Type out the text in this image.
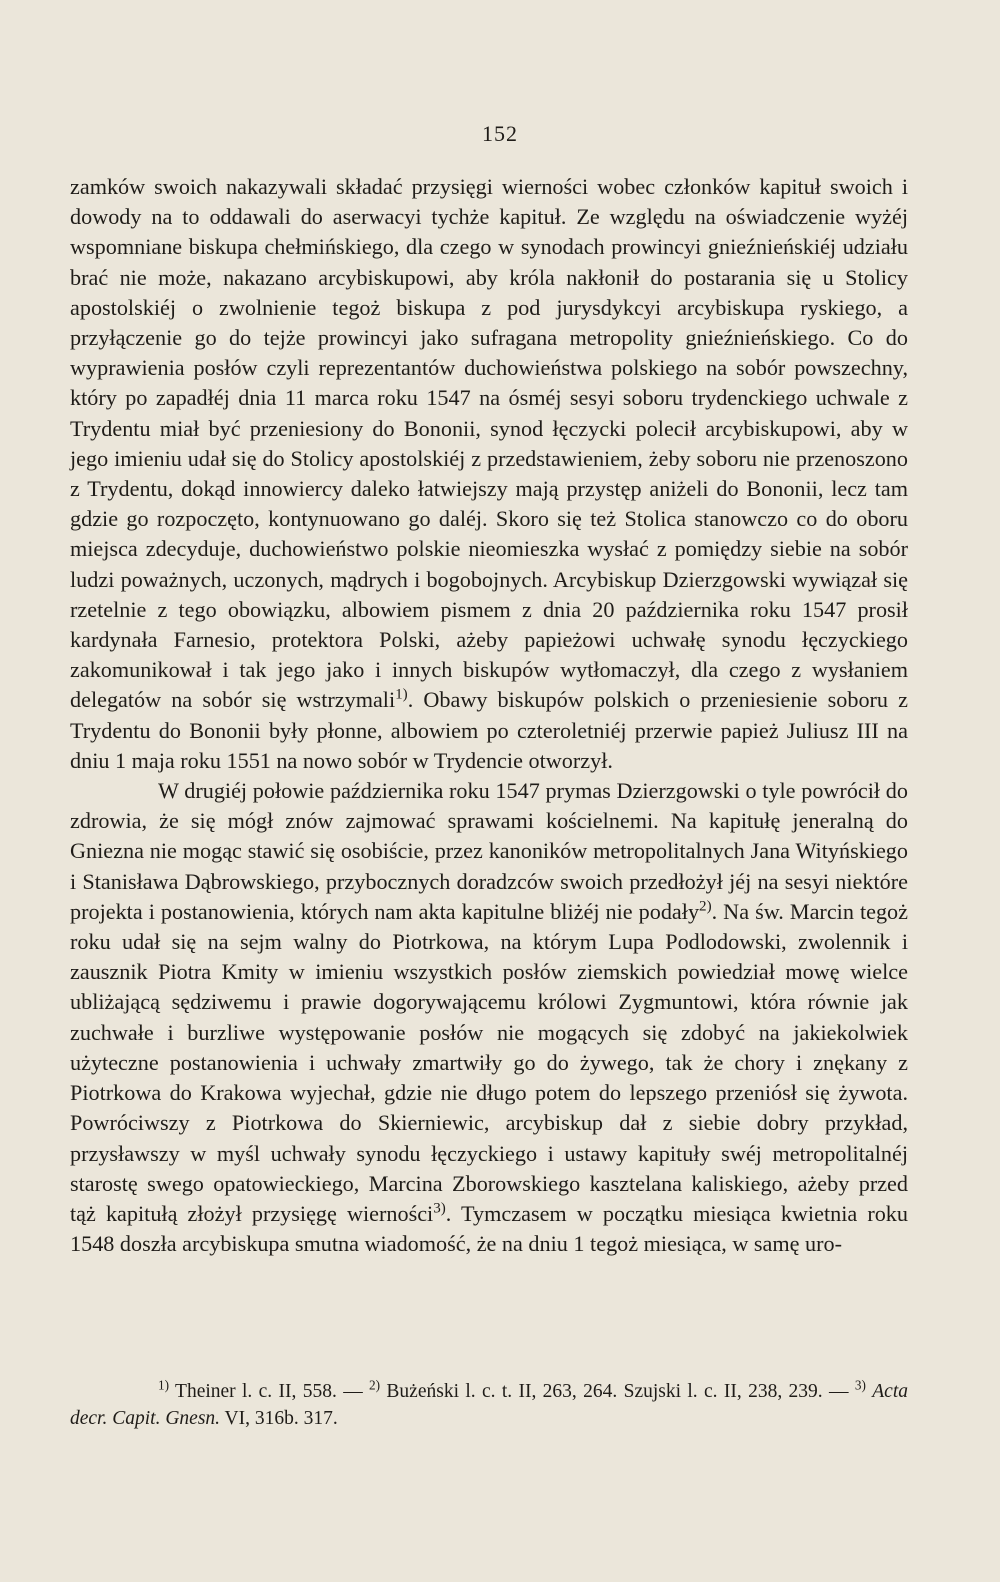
152

zamków swoich nakazywali składać przysięgi wierności wobec członków kapituł swoich i dowody na to oddawali do aserwacyi tychże kapituł. Ze względu na oświadczenie wyżéj wspomniane biskupa chełmińskiego, dla czego w synodach prowincyi gnieźnieńskiéj udziału brać nie może, nakazano arcybiskupowi, aby króla nakłonił do postarania się u Stolicy apostolskiéj o zwolnienie tegoż biskupa z pod jurysdykcyi arcybiskupa ryskiego, a przyłączenie go do tejże prowincyi jako sufragana metropolity gnieźnieńskiego. Co do wyprawienia posłów czyli reprezentantów duchowieństwa polskiego na sobór powszechny, który po zapadłéj dnia 11 marca roku 1547 na ósméj sesyi soboru trydenckiego uchwale z Trydentu miał być przeniesiony do Bononii, synod łęczycki polecił arcybiskupowi, aby w jego imieniu udał się do Stolicy apostolskiéj z przedstawieniem, żeby soboru nie przenoszono z Trydentu, dokąd innowiercy daleko łatwiejszy mają przystęp aniżeli do Bononii, lecz tam gdzie go rozpoczęto, kontynuowano go daléj. Skoro się też Stolica stanowczo co do oboru miejsca zdecyduje, duchowieństwo polskie nieomieszka wysłać z pomiędzy siebie na sobór ludzi poważnych, uczonych, mądrych i bogobojnych. Arcybiskup Dzierzgowski wywiązał się rzetelnie z tego obowiązku, albowiem pismem z dnia 20 października roku 1547 prosił kardynała Farnesio, protektora Polski, ażeby papieżowi uchwałę synodu łęczyckiego zakomunikował i tak jego jako i innych biskupów wytłomaczył, dla czego z wysłaniem delegatów na sobór się wstrzymali$^{1)}$. Obawy biskupów polskich o przeniesienie soboru z Trydentu do Bononii były płonne, albowiem po czteroletniéj przerwie papież Juliusz III na dniu 1 maja roku 1551 na nowo sobór w Trydencie otworzył.

W drugiéj połowie października roku 1547 prymas Dzierzgowski o tyle powrócił do zdrowia, że się mógł znów zajmować sprawami kościelnemi. Na kapitułę jeneralną do Gniezna nie mogąc stawić się osobiście, przez kanoników metropolitalnych Jana Wityńskiego i Stanisława Dąbrowskiego, przybocznych doradzców swoich przedłożył jéj na sesyi niektóre projekta i postanowienia, których nam akta kapitulne bliżéj nie podały$^{2)}$. Na św. Marcin tegoż roku udał się na sejm walny do Piotrkowa, na którym Lupa Podlodowski, zwolennik i zausznik Piotra Kmity w imieniu wszystkich posłów ziemskich powiedział mowę wielce ubliżającą sędziwemu i prawie dogorywającemu królowi Zygmuntowi, która równie jak zuchwałe i burzliwe występowanie posłów nie mogących się zdobyć na jakiekolwiek użyteczne postanowienia i uchwały zmartwiły go do żywego, tak że chory i znękany z Piotrkowa do Krakowa wyjechał, gdzie nie długo potem do lepszego przeniósł się żywota. Powróciwszy z Piotrkowa do Skierniewic, arcybiskup dał z siebie dobry przykład, przysławszy w myśl uchwały synodu łęczyckiego i ustawy kapituły swéj metropolitalnéj starostę swego opatowieckiego, Marcina Zborowskiego kasztelana kaliskiego, ażeby przed tąż kapitułą złożył przysięgę wierności$^{3)}$. Tymczasem w początku miesiąca kwietnia roku 1548 doszła arcybiskupa smutna wiadomość, że na dniu 1 tegoż miesiąca, w samę uro-

$^{1)}$ Theiner l. c. II, 558. — $^{2)}$ Bużeński l. c. t. II, 263, 264. Szujski l. c. II, 238, 239. — $^{3)}$ Acta decr. Capit. Gnesn. VI, 316b. 317.
